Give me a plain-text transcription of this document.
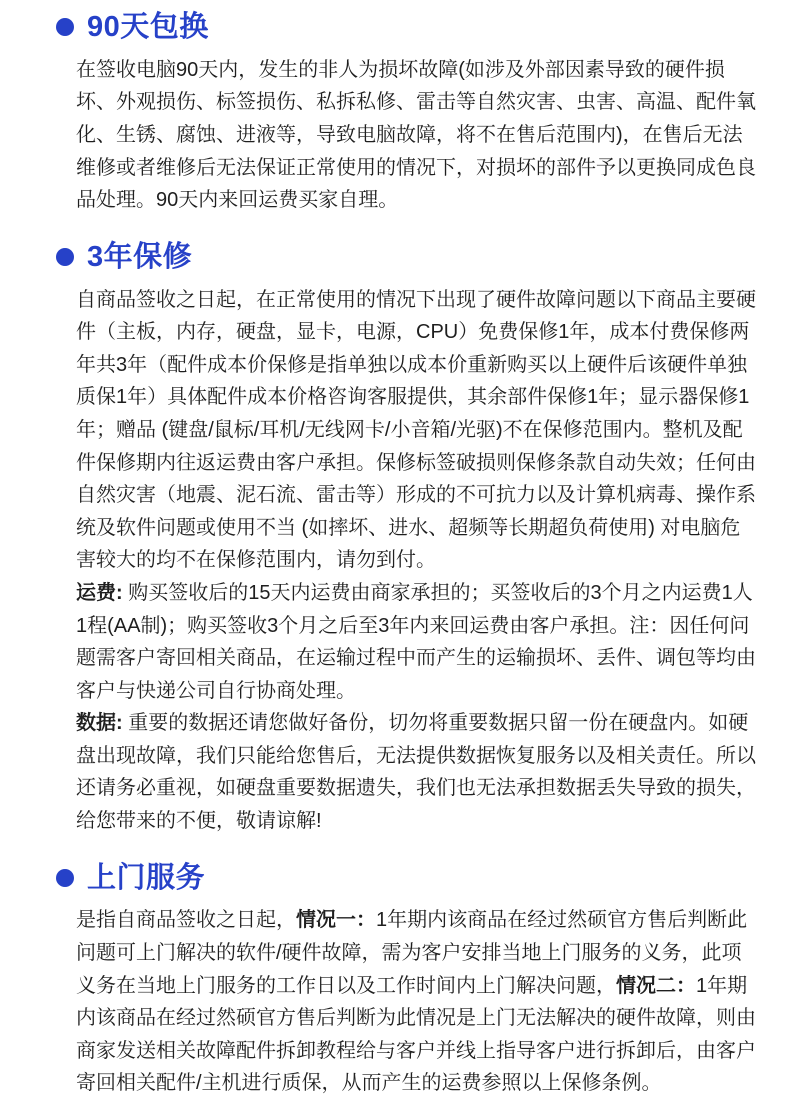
90天包换

在签收电脑90天内，发生的非人为损坏故障(如涉及外部因素导致的硬件损坏、外观损伤、标签损伤、私拆私修、雷击等自然灾害、虫害、高温、配件氧化、生锈、腐蚀、进液等，导致电脑故障，将不在售后范围内)，在售后无法维修或者维修后无法保证正常使用的情况下，对损坏的部件予以更换同成色良品处理。90天内来回运费买家自理。

3年保修

自商品签收之日起，在正常使用的情况下出现了硬件故障问题以下商品主要硬件（主板，内存，硬盘，显卡，电源，CPU）免费保修1年，成本付费保修两年共3年（配件成本价保修是指单独以成本价重新购买以上硬件后该硬件单独质保1年）具体配件成本价格咨询客服提供，其余部件保修1年；显示器保修1年；赠品 (键盘/鼠标/耳机/无线网卡/小音箱/光驱)不在保修范围内。整机及配件保修期内往返运费由客户承担。保修标签破损则保修条款自动失效；任何由自然灾害（地震、泥石流、雷击等）形成的不可抗力以及计算机病毒、操作系统及软件问题或使用不当 (如摔坏、进水、超频等长期超负荷使用) 对电脑危害较大的均不在保修范围内，请勿到付。

运费: 购买签收后的15天内运费由商家承担的；买签收后的3个月之内运费1人1程(AA制)；购买签收3个月之后至3年内来回运费由客户承担。注：因任何问题需客户寄回相关商品，在运输过程中而产生的运输损坏、丢件、调包等均由客户与快递公司自行协商处理。

数据: 重要的数据还请您做好备份，切勿将重要数据只留一份在硬盘内。如硬盘出现故障，我们只能给您售后，无法提供数据恢复服务以及相关责任。所以还请务必重视，如硬盘重要数据遗失，我们也无法承担数据丢失导致的损失，给您带来的不便，敬请谅解!

上门服务

是指自商品签收之日起，情况一：1年期内该商品在经过然硕官方售后判断此问题可上门解决的软件/硬件故障，需为客户安排当地上门服务的义务，此项义务在当地上门服务的工作日以及工作时间内上门解决问题，情况二：1年期内该商品在经过然硕官方售后判断为此情况是上门无法解决的硬件故障，则由商家发送相关故障配件拆卸教程给与客户并线上指导客户进行拆卸后，由客户寄回相关配件/主机进行质保，从而产生的运费参照以上保修条例。
